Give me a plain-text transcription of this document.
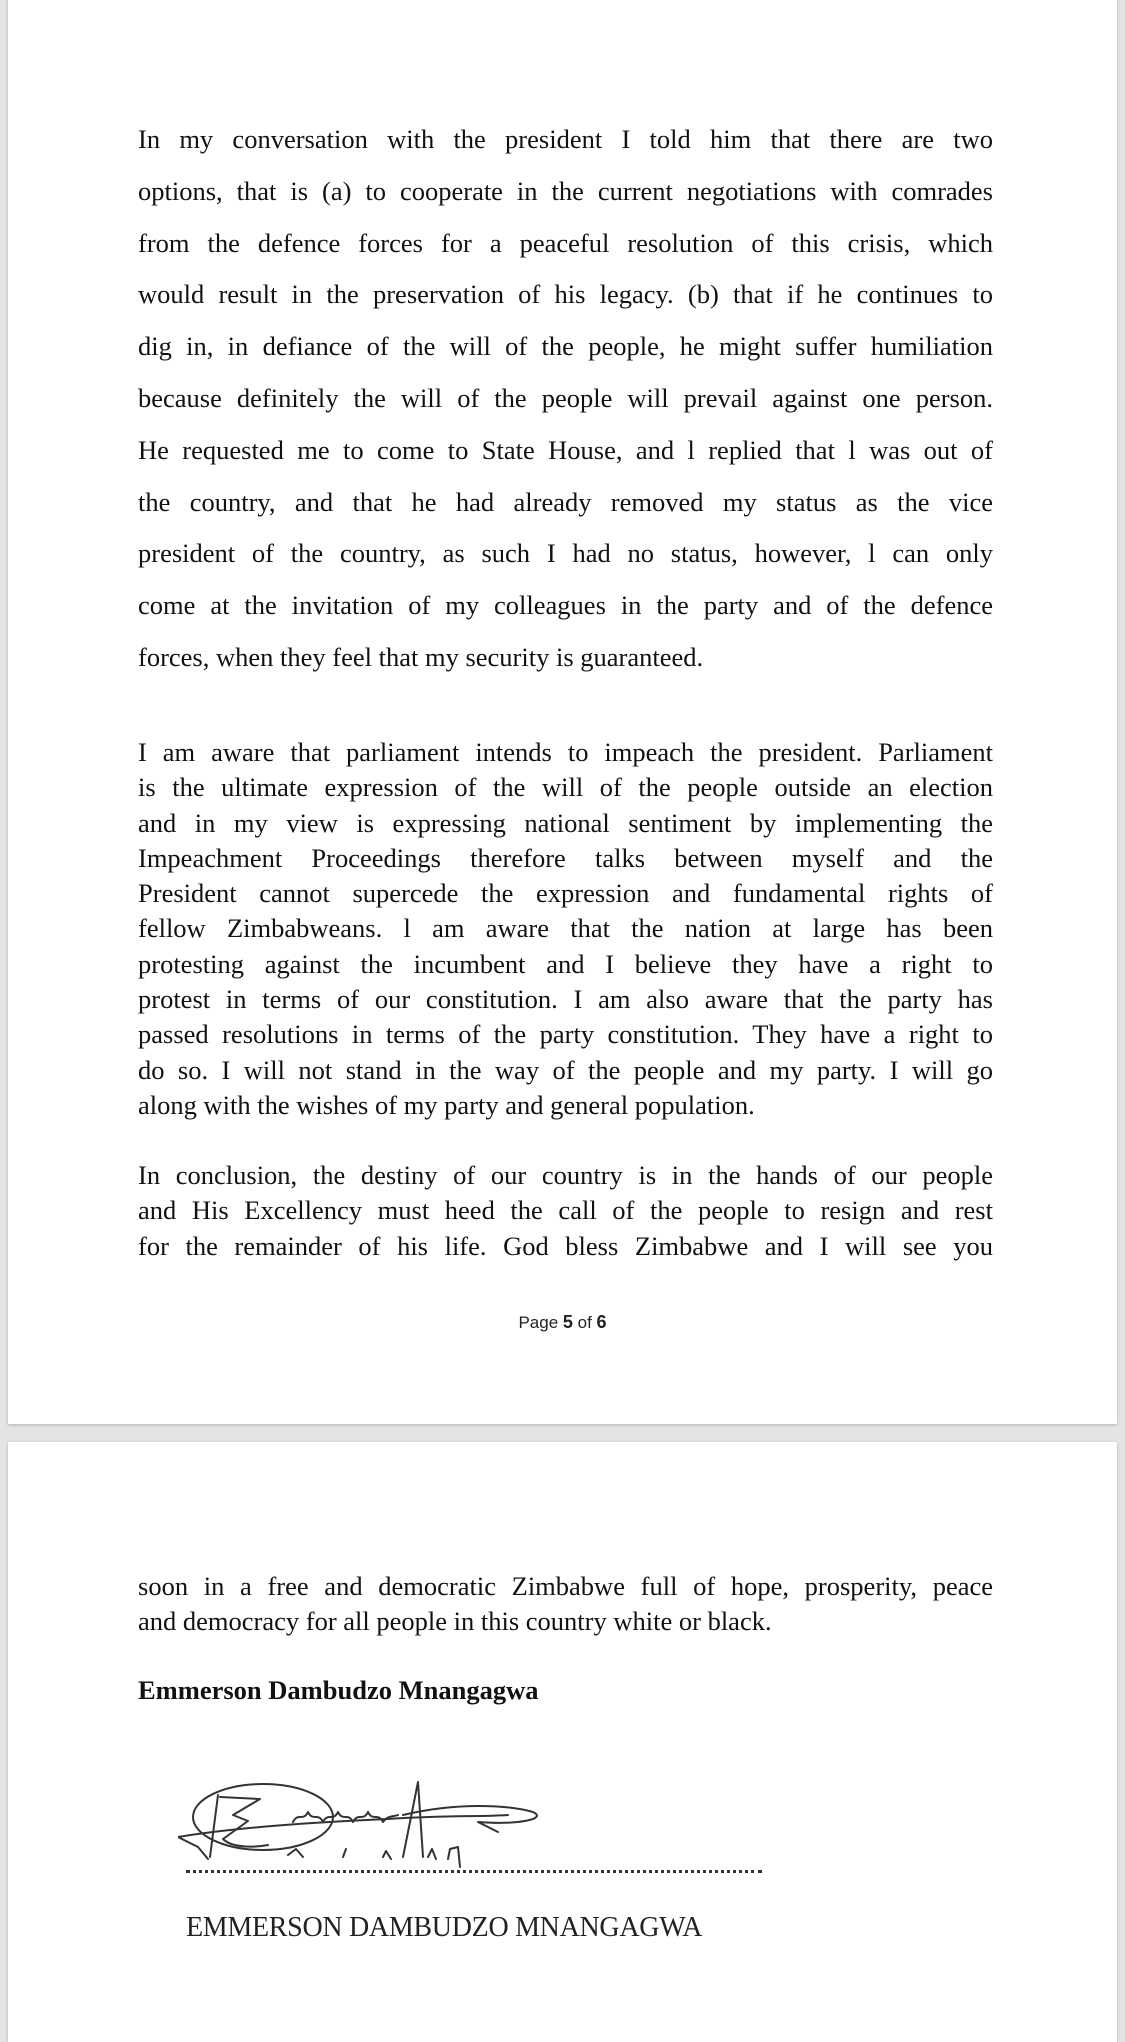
In my conversation with the president I told him that there are two
options, that is (a) to cooperate in the current negotiations with comrades
from the defence forces for a peaceful resolution of this crisis, which
would result in the preservation of his legacy. (b) that if he continues to
dig in, in defiance of the will of the people, he might suffer humiliation
because definitely the will of the people will prevail against one person.
He requested me to come to State House, and l replied that l was out of
the country, and that he had already removed my status as the vice
president of the country, as such I had no status, however, l can only
come at the invitation of my colleagues in the party and of the defence
forces, when they feel that my security is guaranteed.

I am aware that parliament intends to impeach the president. Parliament
is the ultimate expression of the will of the people outside an election
and in my view is expressing national sentiment by implementing the
Impeachment Proceedings therefore talks between myself and the
President cannot supercede the expression and fundamental rights of
fellow Zimbabweans. l am aware that the nation at large has been
protesting against the incumbent and I believe they have a right to
protest in terms of our constitution. I am also aware that the party has
passed resolutions in terms of the party constitution. They have a right to
do so. I will not stand in the way of the people and my party. I will go
along with the wishes of my party and general population.

In conclusion, the destiny of our country is in the hands of our people
and His Excellency must heed the call of the people to resign and rest
for the remainder of his life. God bless Zimbabwe and I will see you

Page 5 of 6

soon in a free and democratic Zimbabwe full of hope, prosperity, peace
and democracy for all people in this country white or black.

Emmerson Dambudzo Mnangagwa
EMMERSON DAMBUDZO MNANGAGWA
